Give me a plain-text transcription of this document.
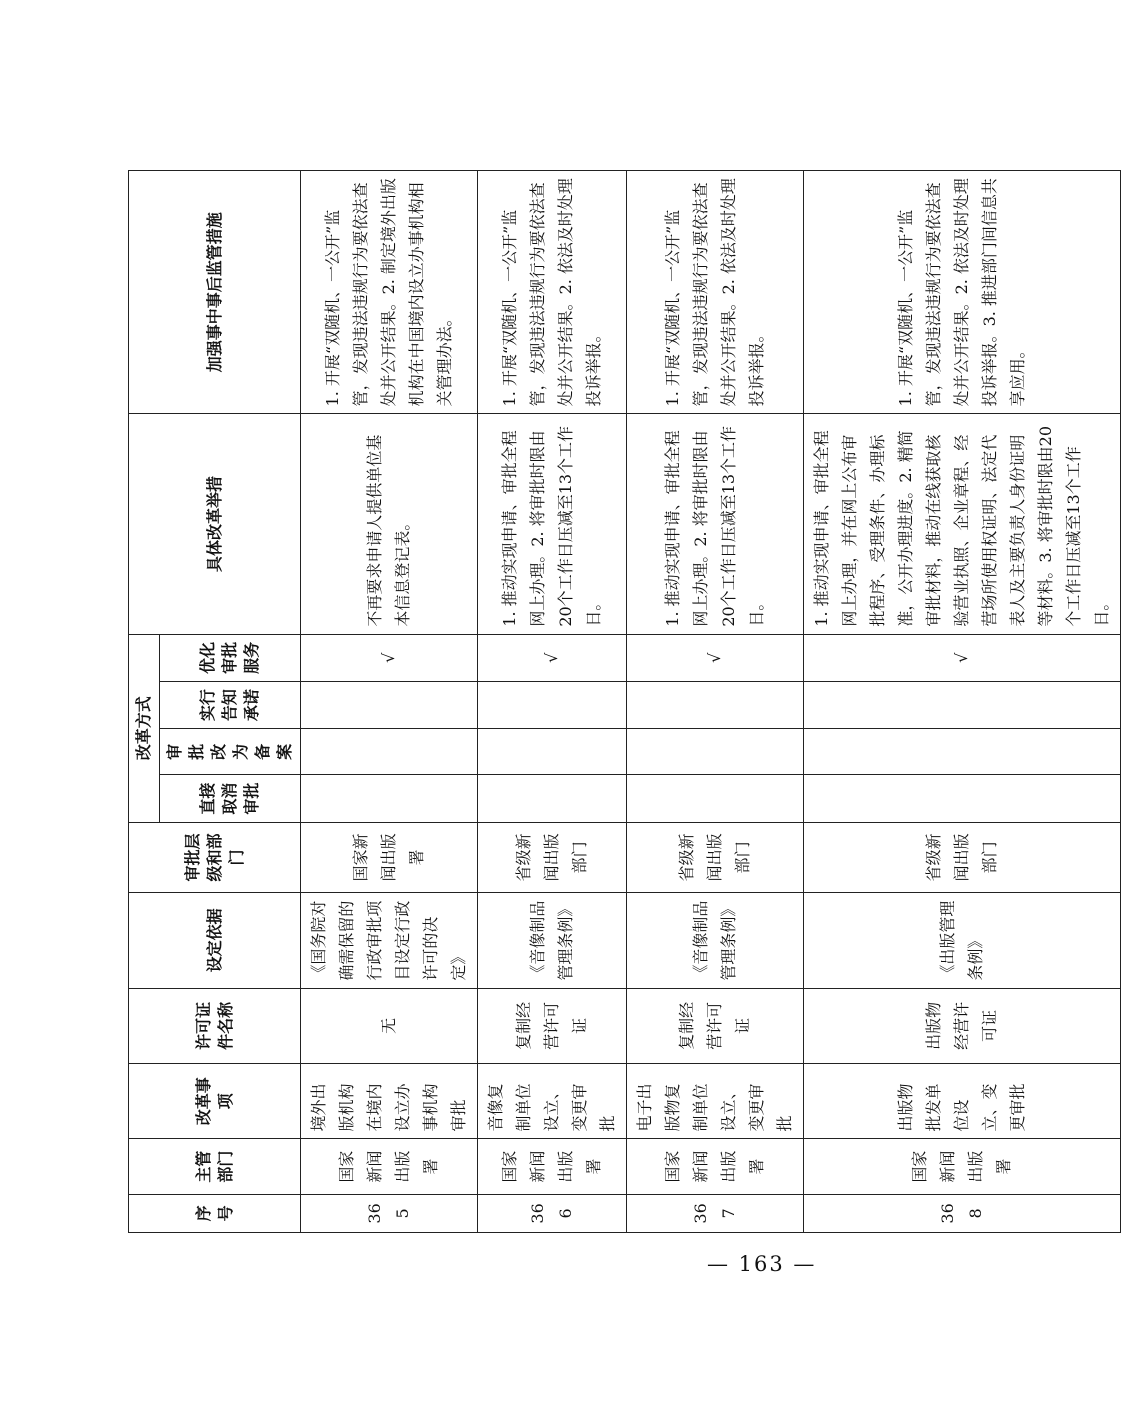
序号	主管部门	改革事项	许可证件名称	设定依据	审批层级和部门	改革方式				具体改革举措	加强事中事后监管措施
						直接取消审批	审批改为备案	实行告知承诺	优化审批服务		
365	国家新闻出版署	境外出版机构在境内设立办事机构审批	无	《国务院对确需保留的行政审批项目设定行政许可的决定》	国家新闻出版署				√	不再要求申请人提供单位基本信息登记表。	1. 开展“双随机、一公开”监管，发现违法违规行为要依法查处并公开结果。2. 制定境外出版机构在中国境内设立办事机构相关管理办法。
366	国家新闻出版署	音像复制单位设立、变更审批	复制经营许可证	《音像制品管理条例》	省级新闻出版部门				√	1. 推动实现申请、审批全程网上办理。2. 将审批时限由20个工作日压减至13个工作日。	1. 开展“双随机、一公开”监管，发现违法违规行为要依法查处并公开结果。2. 依法及时处理投诉举报。
367	国家新闻出版署	电子出版物复制单位设立、变更审批	复制经营许可证	《音像制品管理条例》	省级新闻出版部门				√	1. 推动实现申请、审批全程网上办理。2. 将审批时限由20个工作日压减至13个工作日。	1. 开展“双随机、一公开”监管，发现违法违规行为要依法查处并公开结果。2. 依法及时处理投诉举报。
368	国家新闻出版署	出版物批发单位设立、变更审批	出版物经营许可证	《出版管理条例》	省级新闻出版部门				√	1. 推动实现申请、审批全程网上办理，并在网上公布审批程序、受理条件、办理标准，公开办理进度。2. 精简审批材料，推动在线获取核验营业执照、企业章程、经营场所使用权证明、法定代表人及主要负责人身份证明等材料。3. 将审批时限由20个工作日压减至13个工作日。	1. 开展“双随机、一公开”监管，发现违法违规行为要依法查处并公开结果。2. 依法及时处理投诉举报。3. 推进部门间信息共享应用。
— 163 —
